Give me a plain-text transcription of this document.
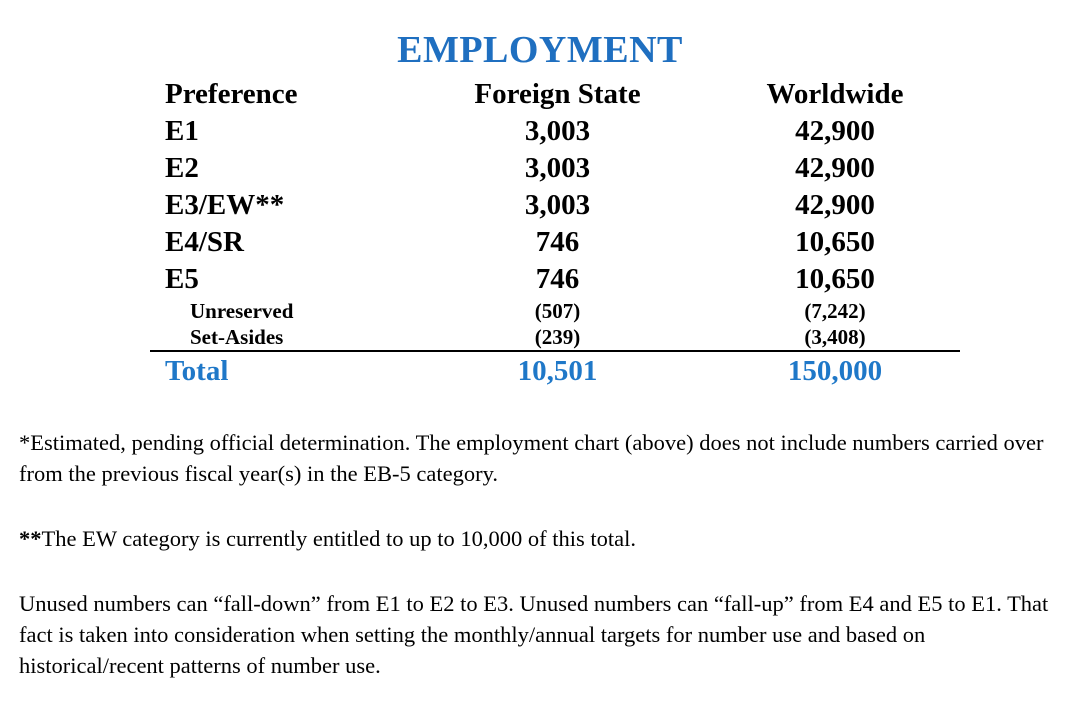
EMPLOYMENT
Preference	Foreign State	Worldwide
E1	3,003	42,900
E2	3,003	42,900
E3/EW**	3,003	42,900
E4/SR	746	10,650
E5	746	10,650
Unreserved	(507)	(7,242)
Set-Asides	(239)	(3,408)
Total	10,501	150,000
*Estimated, pending official determination. The employment chart (above) does not include numbers carried over from the previous fiscal year(s) in the EB-5 category.
**The EW category is currently entitled to up to 10,000 of this total.
Unused numbers can “fall-down” from E1 to E2 to E3. Unused numbers can “fall-up” from E4 and E5 to E1. That fact is taken into consideration when setting the monthly/annual targets for number use and based on historical/recent patterns of number use.
